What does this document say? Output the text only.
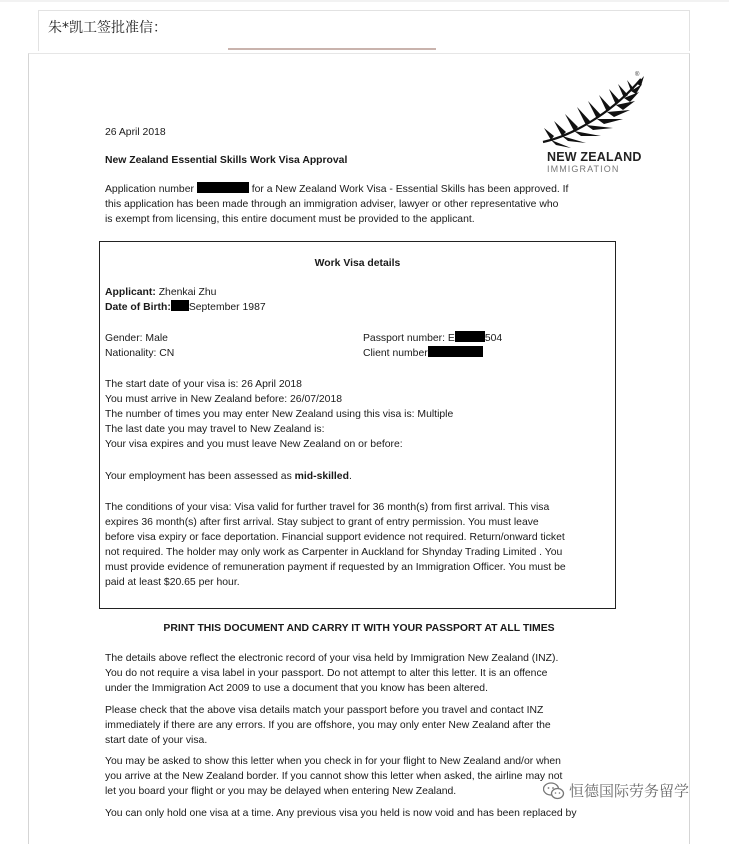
朱*凯工签批准信：
®
NEW ZEALAND
IMMIGRATION
26 April 2018
New Zealand Essential Skills Work Visa Approval
Application number	for a New Zealand Work Visa - Essential Skills has been approved. If
this application has been made through an immigration adviser, lawyer or other representative who
is exempt from licensing, this entire document must be provided to the applicant.
Work Visa details
Applicant: Zhenkai Zhu
Date of Birth: September 1987
Gender: Male
Nationality: CN
Passport number: E	504
Client number
The start date of your visa is: 26 April 2018
You must arrive in New Zealand before: 26/07/2018
The number of times you may enter New Zealand using this visa is: Multiple
The last date you may travel to New Zealand is:
Your visa expires and you must leave New Zealand on or before:
Your employment has been assessed as mid-skilled.
The conditions of your visa: Visa valid for further travel for 36 month(s) from first arrival. This visa
expires 36 month(s) after first arrival. Stay subject to grant of entry permission. You must leave
before visa expiry or face deportation. Financial support evidence not required. Return/onward ticket
not required. The holder may only work as Carpenter in Auckland for Shynday Trading Limited . You
must provide evidence of remuneration payment if requested by an Immigration Officer. You must be
paid at least $20.65 per hour.
PRINT THIS DOCUMENT AND CARRY IT WITH YOUR PASSPORT AT ALL TIMES
The details above reflect the electronic record of your visa held by Immigration New Zealand (INZ).
You do not require a visa label in your passport. Do not attempt to alter this letter. It is an offence
under the Immigration Act 2009 to use a document that you know has been altered.
Please check that the above visa details match your passport before you travel and contact INZ
immediately if there are any errors. If you are offshore, you may only enter New Zealand after the
start date of your visa.
You may be asked to show this letter when you check in for your flight to New Zealand and/or when
you arrive at the New Zealand border. If you cannot show this letter when asked, the airline may not
let you board your flight or you may be delayed when entering New Zealand.
You can only hold one visa at a time. Any previous visa you held is now void and has been replaced by
恒德国际劳务留学
